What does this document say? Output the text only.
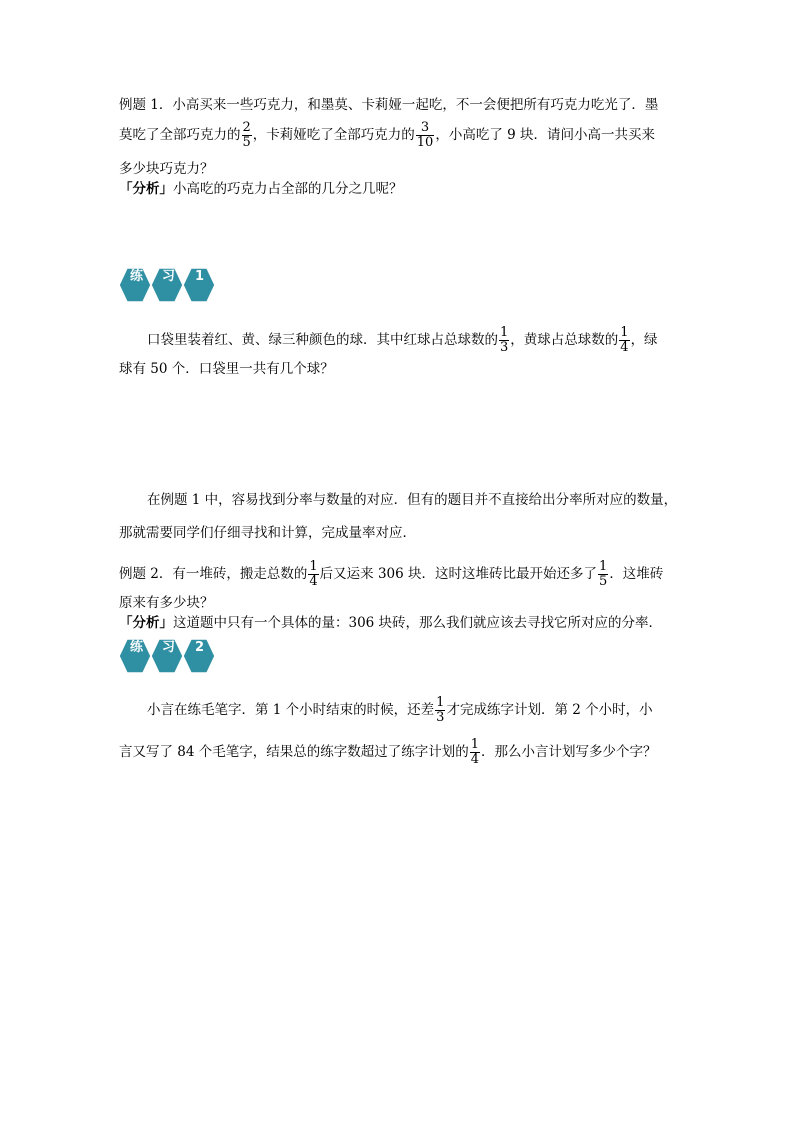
例题 1．小高买来一些巧克力，和墨莫、卡莉娅一起吃，不一会便把所有巧克力吃光了．墨
莫吃了全部巧克力的 $\frac{2}{5}$ ，卡莉娅吃了全部巧克力的 $\frac{3}{10}$ ，小高吃了 9 块．请问小高一共买来
多少块巧克力？
「分析」小高吃的巧克力占全部的几分之几呢？
练 习 1
口袋里装着红、黄、绿三种颜色的球．其中红球占总球数的 $\frac{1}{3}$ ，黄球占总球数的 $\frac{1}{4}$ ，绿
球有 50 个．口袋里一共有几个球？
在例题 1 中，容易找到分率与数量的对应．但有的题目并不直接给出分率所对应的数量，
那就需要同学们仔细寻找和计算，完成量率对应．
例题 2．有一堆砖，搬走总数的 $\frac{1}{4}$ 后又运来 306 块．这时这堆砖比最开始还多了 $\frac{1}{5}$ ．这堆砖
原来有多少块？
「分析」这道题中只有一个具体的量：306 块砖，那么我们就应该去寻找它所对应的分率．
练 习 2
小言在练毛笔字．第 1 个小时结束的时候，还差 $\frac{1}{3}$ 才完成练字计划．第 2 个小时，小
言又写了 84 个毛笔字，结果总的练字数超过了练字计划的 $\frac{1}{4}$ ．那么小言计划写多少个字？
